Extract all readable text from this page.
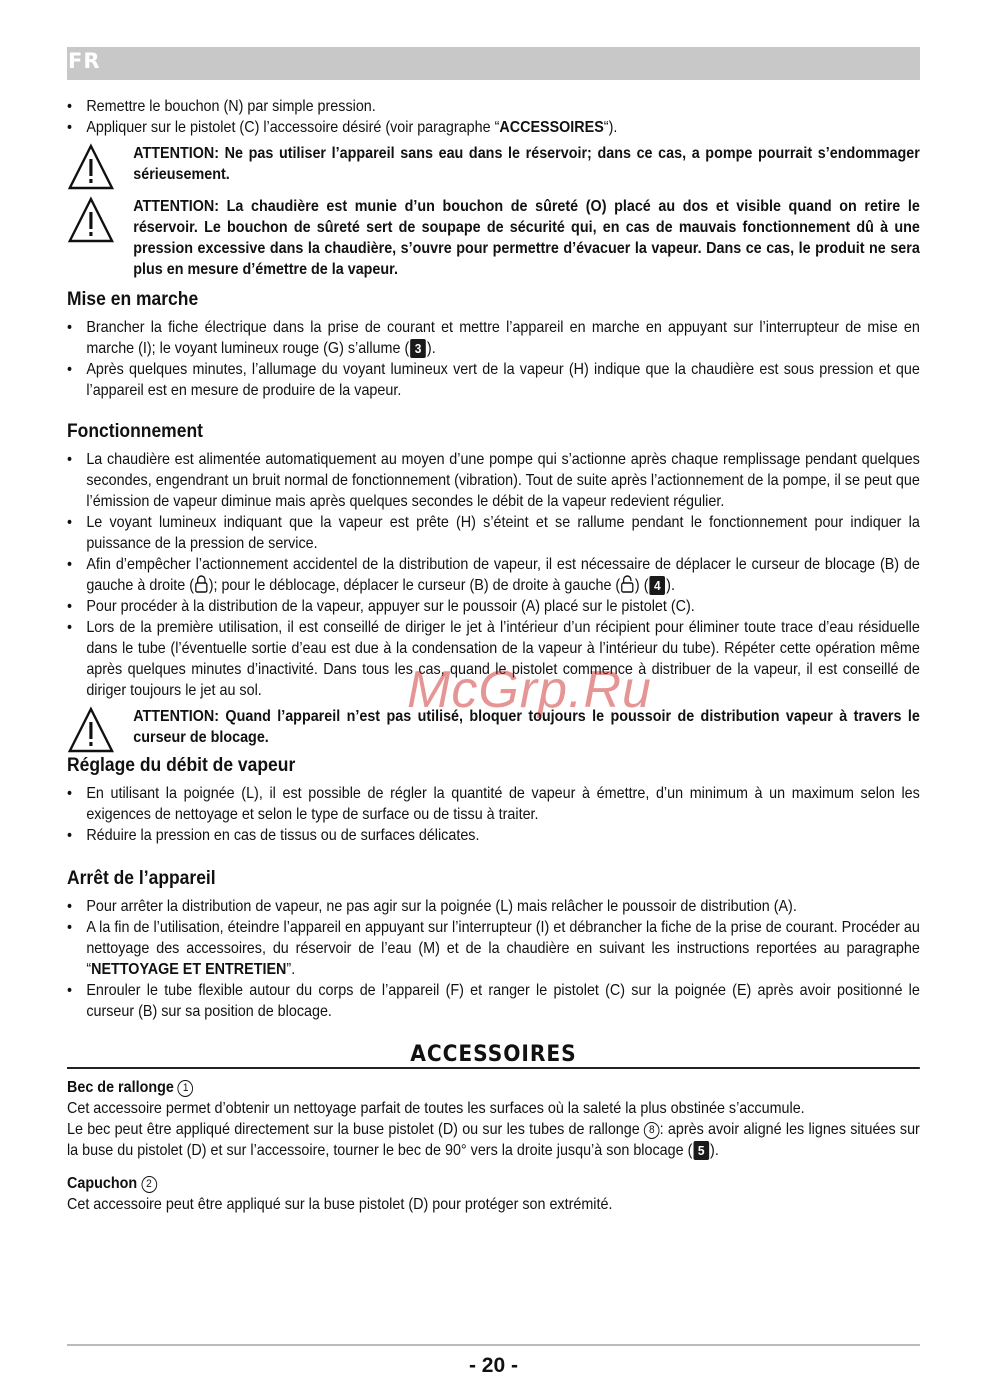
FR
• Remettre le bouchon (N) par simple pression.
• Appliquer sur le pistolet (C) l’accessoire désiré (voir paragraphe “ACCESSOIRES“).
ATTENTION: Ne pas utiliser l’appareil sans eau dans le réservoir; dans ce cas, a pompe pourrait s’endommager sérieusement.
ATTENTION: La chaudière est munie d’un bouchon de sûreté (O) placé au dos et visible quand on retire le réservoir. Le bouchon de sûreté sert de soupape de sécurité qui, en cas de mauvais fonctionnement dû à une pression excessive dans la chaudière, s’ouvre pour permettre d’évacuer la vapeur. Dans ce cas, le produit ne sera plus en mesure d’émettre de la vapeur.
Mise en marche
• Brancher la fiche électrique dans la prise de courant et mettre l’appareil en marche en appuyant sur l’interrupteur de mise en marche (I); le voyant lumineux rouge (G) s’allume ( 3 ).
• Après quelques minutes, l’allumage du voyant lumineux vert de la vapeur (H) indique que la chaudière est sous pression et que l’appareil est en mesure de produire de la vapeur.
Fonctionnement
• La chaudière est alimentée automatiquement au moyen d’une pompe qui s’actionne après chaque remplissage pendant quelques secondes, engendrant un bruit normal de fonctionnement (vibration). Tout de suite après l’actionnement de la pompe, il se peut que l’émission de vapeur diminue mais après quelques secondes le débit de la vapeur redevient régulier.
• Le voyant lumineux indiquant que la vapeur est prête (H) s’éteint et se rallume pendant le fonctionnement pour indiquer la puissance de la pression de service.
• Afin d’empêcher l’actionnement accidentel de la distribution de vapeur, il est nécessaire de déplacer le curseur de blocage (B) de gauche à droite ( ); pour le déblocage, déplacer le curseur (B) de droite à gauche ( ) ( 4 ).
• Pour procéder à la distribution de la vapeur, appuyer sur le poussoir (A) placé sur le pistolet (C).
• Lors de la première utilisation, il est conseillé de diriger le jet à l’intérieur d’un récipient pour éliminer toute trace d’eau résiduelle dans le tube (l’éventuelle sortie d’eau est due à la condensation de la vapeur à l’intérieur du tube). Répéter cette opération même après quelques minutes d’inactivité. Dans tous les cas, quand le pistolet commence à distribuer de la vapeur, il est conseillé de diriger toujours le jet au sol.
ATTENTION: Quand l’appareil n’est pas utilisé, bloquer toujours le poussoir de distribution vapeur à travers le curseur de blocage.
Réglage du débit de vapeur
• En utilisant la poignée (L), il est possible de régler la quantité de vapeur à émettre, d’un minimum à un maximum selon les exigences de nettoyage et selon le type de surface ou de tissu à traiter.
• Réduire la pression en cas de tissus ou de surfaces délicates.
Arrêt de l’appareil
• Pour arrêter la distribution de vapeur, ne pas agir sur la poignée (L) mais relâcher le poussoir de distribution (A).
• A la fin de l’utilisation, éteindre l’appareil en appuyant sur l’interrupteur (I) et débrancher la fiche de la prise de courant. Procéder au nettoyage des accessoires, du réservoir de l’eau (M) et de la chaudière en suivant les instructions reportées au paragraphe “NETTOYAGE ET ENTRETIEN”.
• Enrouler le tube flexible autour du corps de l’appareil (F) et ranger le pistolet (C) sur la poignée (E) après avoir positionné le curseur (B) sur sa position de blocage.
ACCESSOIRES

Bec de rallonge 1

Cet accessoire permet d’obtenir un nettoyage parfait de toutes les surfaces où la saleté la plus obstinée s’accumule.

Le bec peut être appliqué directement sur la buse pistolet (D) ou sur les tubes de rallonge 8 : après avoir aligné les lignes situées sur la buse du pistolet (D) et sur l’accessoire, tourner le bec de 90° vers la droite jusqu’à son blocage ( 5 ).

Capuchon 2

Cet accessoire peut être appliqué sur la buse pistolet (D) pour protéger son extrémité.

McGrp.Ru
- 20 -
